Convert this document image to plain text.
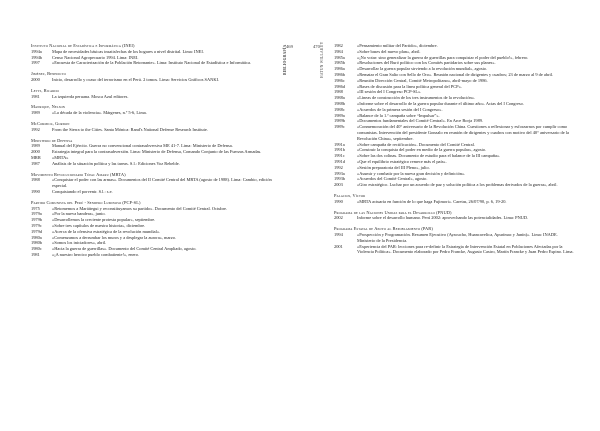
Instituto Nacional de Estadística e Informática (INEI)
1994a	Mapa de necesidades básicas insatisfechas de los hogares a nivel distrital. Lima: INEI.
1994b	Censo Nacional Agropecuario 1994. Lima: INEI.
1997	«Encuesta de Caracterización de la Población Retornante». Lima: Instituto Nacional de Estadística e Informática.
Jiménez, Benedicto
2000	Inicio, desarrollo y ocaso del terrorismo en el Perú. 2 tomos. Lima: Servicios Gráficos SANKI.
Letts, Ricardo
1981	La izquierda peruana. Mosca Azul editores.
Manrique, Nelson
1989	«La década de la violencia». Márgenes, n.º 5-6, Lima.
McCormick, Gordon
1992	From the Sierra to the Cities. Santa Mónica: Rand's National Defense Research Institute.
Ministerio de Defensa
1989	Manual del Ejército. Guerra no convencional contrasubversiva ME 41-7. Lima: Ministerio de Defensa.
2000	Estrategia integral para la contrasubversión. Lima: Ministerio de Defensa, Comando Conjunto de las Fuerzas Armadas.
MRR	«MRTA»
1987	Análisis de la situación política y las tareas. S.l.: Ediciones Voz Rebelde.
Movimiento Revolucionario Túpac Amaru (MRTA)
1988	«Conquistar el poder con las armas». Documentos del II Comité Central del MRTA (agosto de 1988). Lima: Cambio, edición especial.
1990	Conquistando el porvenir. S.l.: s.e.
Partido Comunista del Perú - Sendero Luminoso (PCP-SL)
1975	«Retomemos a Mariátegui y reconstituyamos su partido». Documento del Comité Central. Octubre.
1979a	«Por la nueva bandera», junio.
1979b	«Desarrollemos la creciente protesta popular», septiembre.
1979c	«Sobre tres capítulos de nuestra historia», diciembre.
1979d	«Acerca de la ofensiva estratégica de la revolución mundial».
1980a	«Comenzamos a derrumbar los muros y a desplegar la aurora», marzo.
1980b	«Somos los iniciadores», abril.
1980c	«Hacia la guerra de guerrillas». Documento del Comité Central Ampliado, agosto.
1981	«¡A nuestro heroico pueblo combatiente!», enero.
469
BIBLIOGRAFÍA	1982	«Pensamiento militar del Partido», diciembre.
1984	«Sobre bases del nuevo plan», abril.
1985a	«¡No votar: sino generalizar la guerra de guerrillas para conquistar el poder del pueblo!», febrero.
1985b	«Resoluciones del Buró político con los Comités partidarios sobre sus planes».
1986a	«Desarrollar la guerra popular sirviendo a la revolución mundial», agosto.
1986b	«Rematar el Gran Salto con Sello de Oro». Reunión nacional de dirigentes y cuadros; 23 de marzo al 9 de abril.
1986c	«Reunión Dirección Central, Comité Metropolitano», abril-mayo de 1986.
1986d	«Bases de discusión para la línea política general del PCP».
1988	«III sesión del I Congreso PCP-SL».
1988a	«Líneas de construcción de los tres instrumentos de la revolución».
1988b	«Informe sobre el desarrollo de la guerra popular durante el último año». Actas del I Congreso.
1988c	«Acuerdos de la primera sesión del I Congreso».
1989a	«Balance de la 1.ª campaña sobre “Impulsar”».
1989b	«Documentos fundamentales del Comité Central». En Arce Borja 1989.
1989c	«Conmemoración del 40° aniversario de la Revolución China. Cuestiones a reflexionar y esforzarnos por cumplir como comunistas. Intervención del presidente Gonzalo en reunión de dirigentes y cuadros con motivo del 40° aniversario de la Revolución China», septiembre.
1991a	«Sobre campaña de rectificación». Documento del Comité Central.
1991b	«Construir la conquista del poder en medio de la guerra popular», agosto.
1991c	«Sobre las dos colinas. Documento de estudio para el balance de la III campaña».
1991d	«Que el equilibrio estratégico remece más el país».
1992	«Sesión preparatoria del III Pleno», julio.
1993a	«Asumir y combatir por la nueva gran decisión y definición».
1993b	«Acuerdos del Comité Central», agosto.
2003	«Giro estratégico. Luchar por un acuerdo de paz y solución política a los problemas derivados de la guerra», abril.
Palacios, Víctor
1990	«MRTA actuaría en función de lo que haga Fujimori». Caretas, 26/07/90, p. 6, 19-20.
Programa de las Naciones Unidas para el Desarrollo (PNUD)
2002	Informe sobre el desarrollo humano. Perú 2002: aprovechando las potencialidades. Lima: PNUD.
Programa Estatal de Apoyo al Repoblamiento (PAR)
1994	«Prospección y Programación. Resumen Ejecutivo (Ayacucho, Huancavelica, Apurímac y Junín)». Lima: INADE. Ministerio de la Presidencia.
2001	«Experiencia del PAR: lecciones para re-definir la Estrategia de Intervención Estatal en Poblaciones Afectadas por la Violencia Política». Documento elaborado por Pedro Francke, Augusto Castro, Martín Francke y Juan Pedro Espino. Lima.
470 HATUN WILLAKUY
